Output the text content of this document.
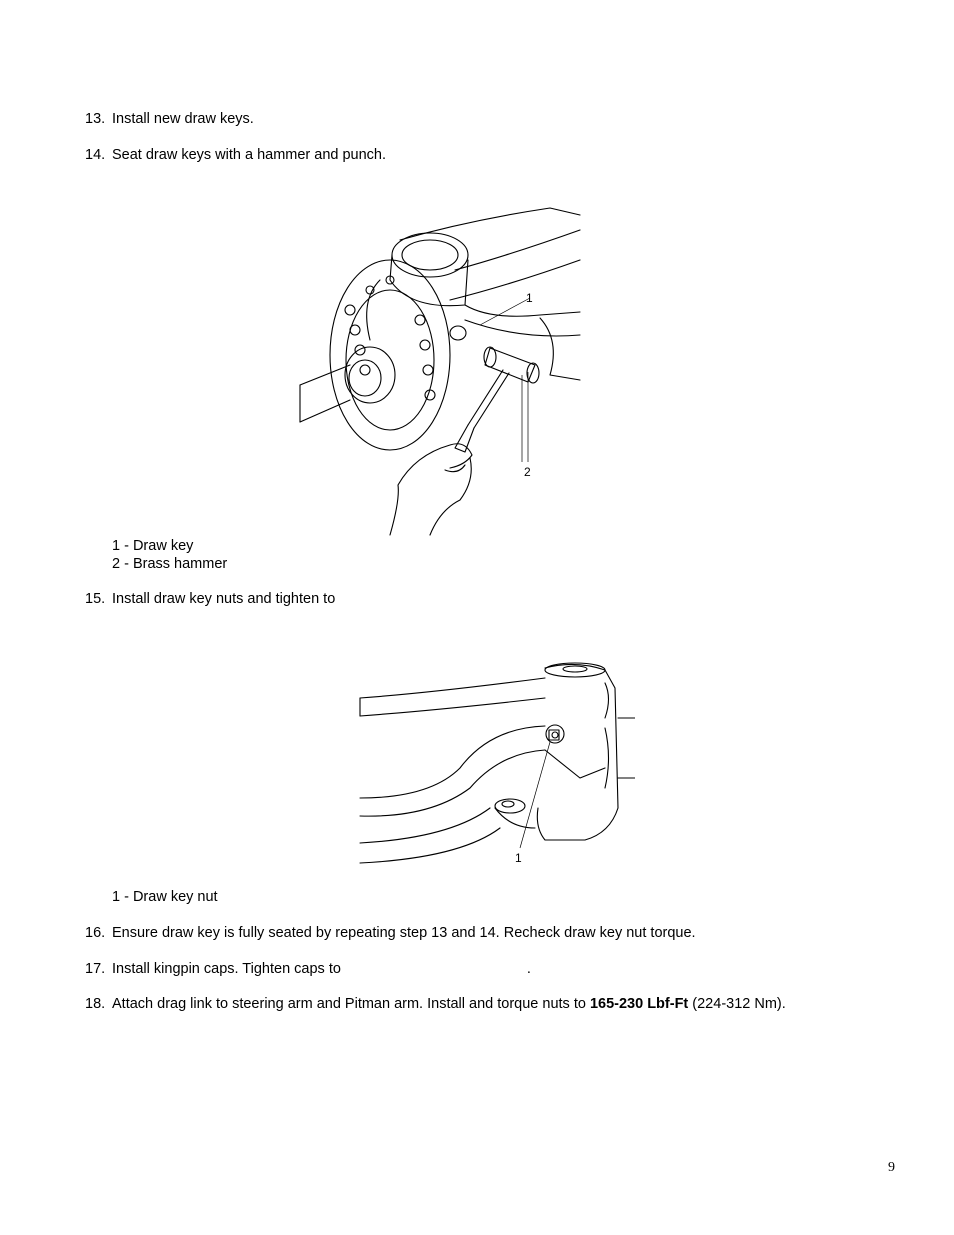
13. Install new draw keys.
14. Seat draw keys with a hammer and punch.
1
2
1 - Draw key
2 - Brass hammer
15. Install draw key nuts and tighten to
1
1 - Draw key nut
16. Ensure draw key is fully seated by repeating step 13 and 14. Recheck draw key nut torque.
17. Install kingpin caps. Tighten caps to	.
18. Attach drag link to steering arm and Pitman arm. Install and torque nuts to 165-230 Lbf-Ft (224-312 Nm).
9
